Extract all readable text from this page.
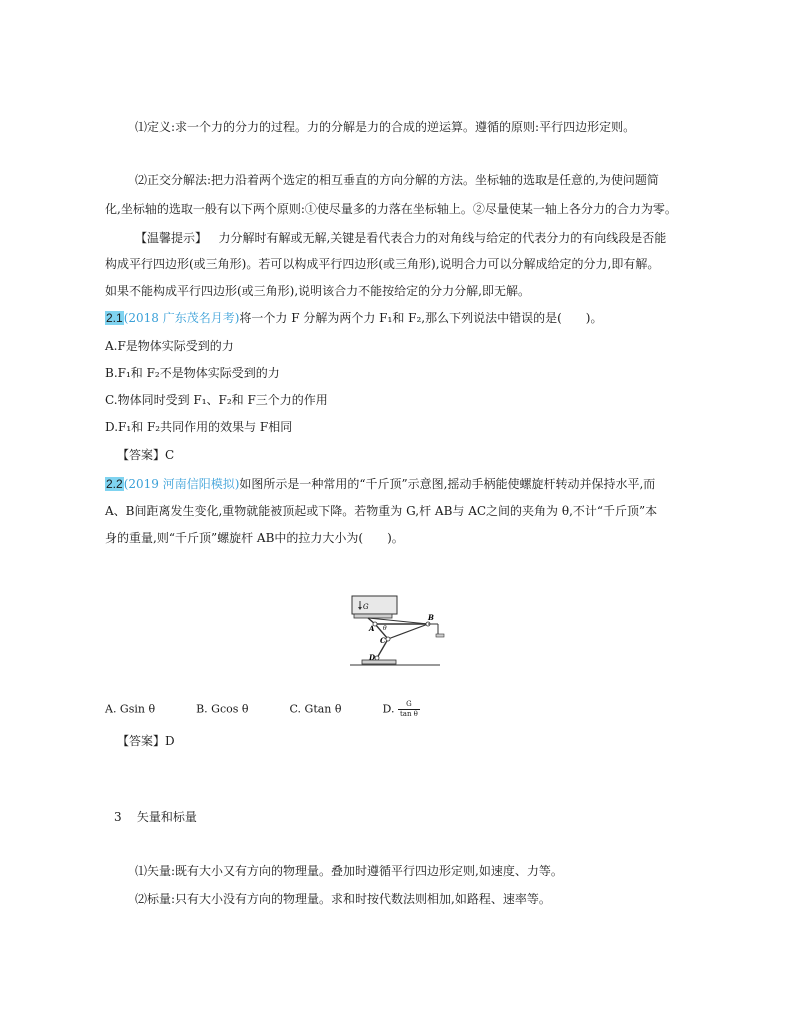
⑴定义:求一个力的分力的过程。力的分解是力的合成的逆运算。遵循的原则:平行四边形定则。
⑵正交分解法:把力沿着两个选定的相互垂直的方向分解的方法。坐标轴的选取是任意的,为使问题简
化,坐标轴的选取一般有以下两个原则:①使尽量多的力落在坐标轴上。②尽量使某一轴上各分力的合力为零。
【温馨提示】 力分解时有解或无解,关键是看代表合力的对角线与给定的代表分力的有向线段是否能
构成平行四边形(或三角形)。若可以构成平行四边形(或三角形),说明合力可以分解成给定的分力,即有解。
如果不能构成平行四边形(或三角形),说明该合力不能按给定的分力分解,即无解。
2.1(2018 广东茂名月考)将一个力 F 分解为两个力 F₁和 F₂,那么下列说法中错误的是(　　)。
A.F是物体实际受到的力
B.F₁和 F₂不是物体实际受到的力
C.物体同时受到 F₁、F₂和 F三个力的作用
D.F₁和 F₂共同作用的效果与 F相同
【答案】C
2.2(2019 河南信阳模拟)如图所示是一种常用的“千斤顶”示意图,摇动手柄能使螺旋杆转动并保持水平,而
A、B间距离发生变化,重物就能被顶起或下降。若物重为 G,杆 AB与 AC之间的夹角为 θ,不计“千斤顶”本
身的重量,则“千斤顶”螺旋杆 AB中的拉力大小为(　　)。
G
A
B
C
D
θ
A. Gsin θ	B. Gcos θ	C. Gtan θ	D. $\frac{G}{\text{tan θ}}$
【答案】D
3 矢量和标量
⑴矢量:既有大小又有方向的物理量。叠加时遵循平行四边形定则,如速度、力等。
⑵标量:只有大小没有方向的物理量。求和时按代数法则相加,如路程、速率等。
